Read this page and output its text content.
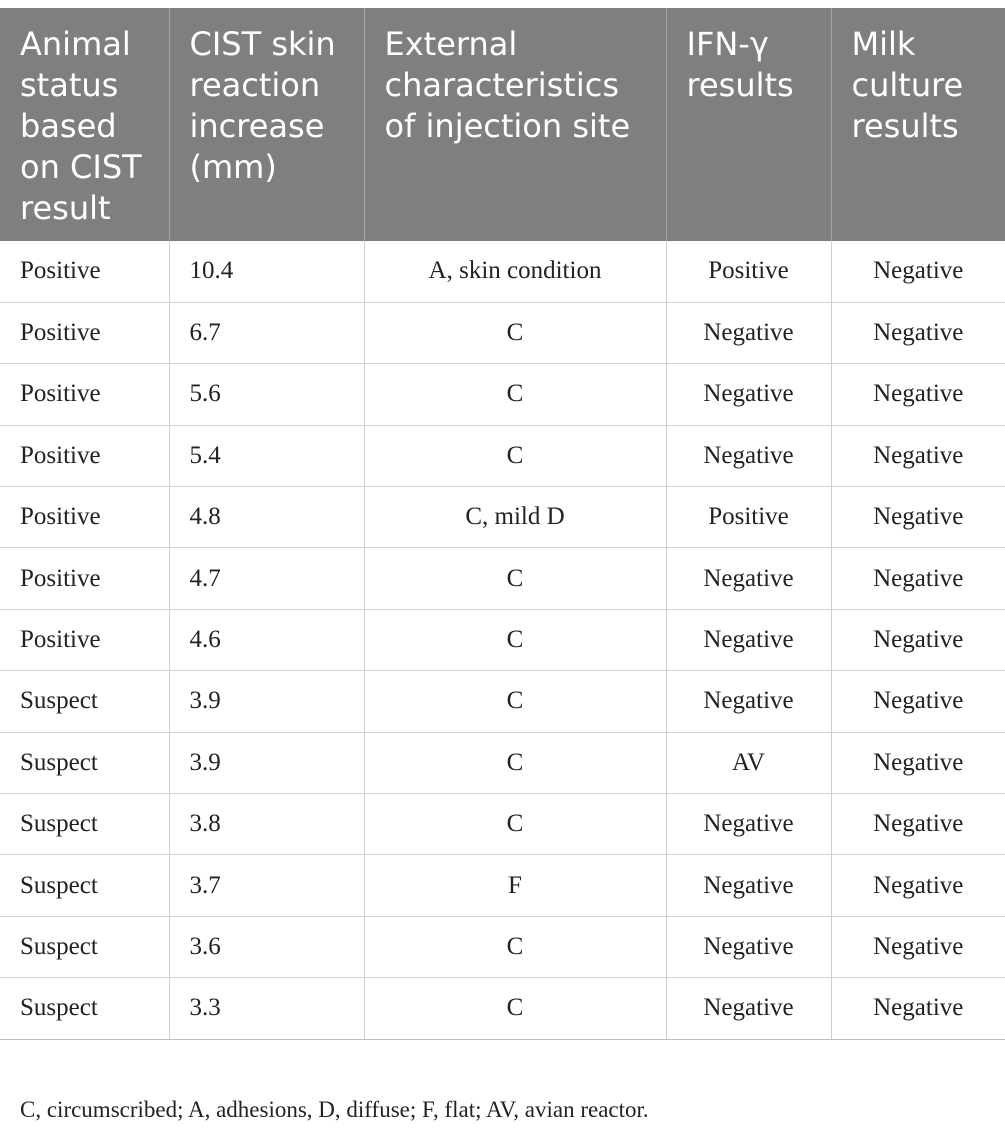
Animal status based on CIST result	CIST skin reaction increase (mm)	External characteristics of injection site	IFN-γ results	Milk culture results
Positive	10.4	A, skin condition	Positive	Negative
Positive	6.7	C	Negative	Negative
Positive	5.6	C	Negative	Negative
Positive	5.4	C	Negative	Negative
Positive	4.8	C, mild D	Positive	Negative
Positive	4.7	C	Negative	Negative
Positive	4.6	C	Negative	Negative
Suspect	3.9	C	Negative	Negative
Suspect	3.9	C	AV	Negative
Suspect	3.8	C	Negative	Negative
Suspect	3.7	F	Negative	Negative
Suspect	3.6	C	Negative	Negative
Suspect	3.3	C	Negative	Negative
C, circumscribed; A, adhesions, D, diffuse; F, flat; AV, avian reactor.
